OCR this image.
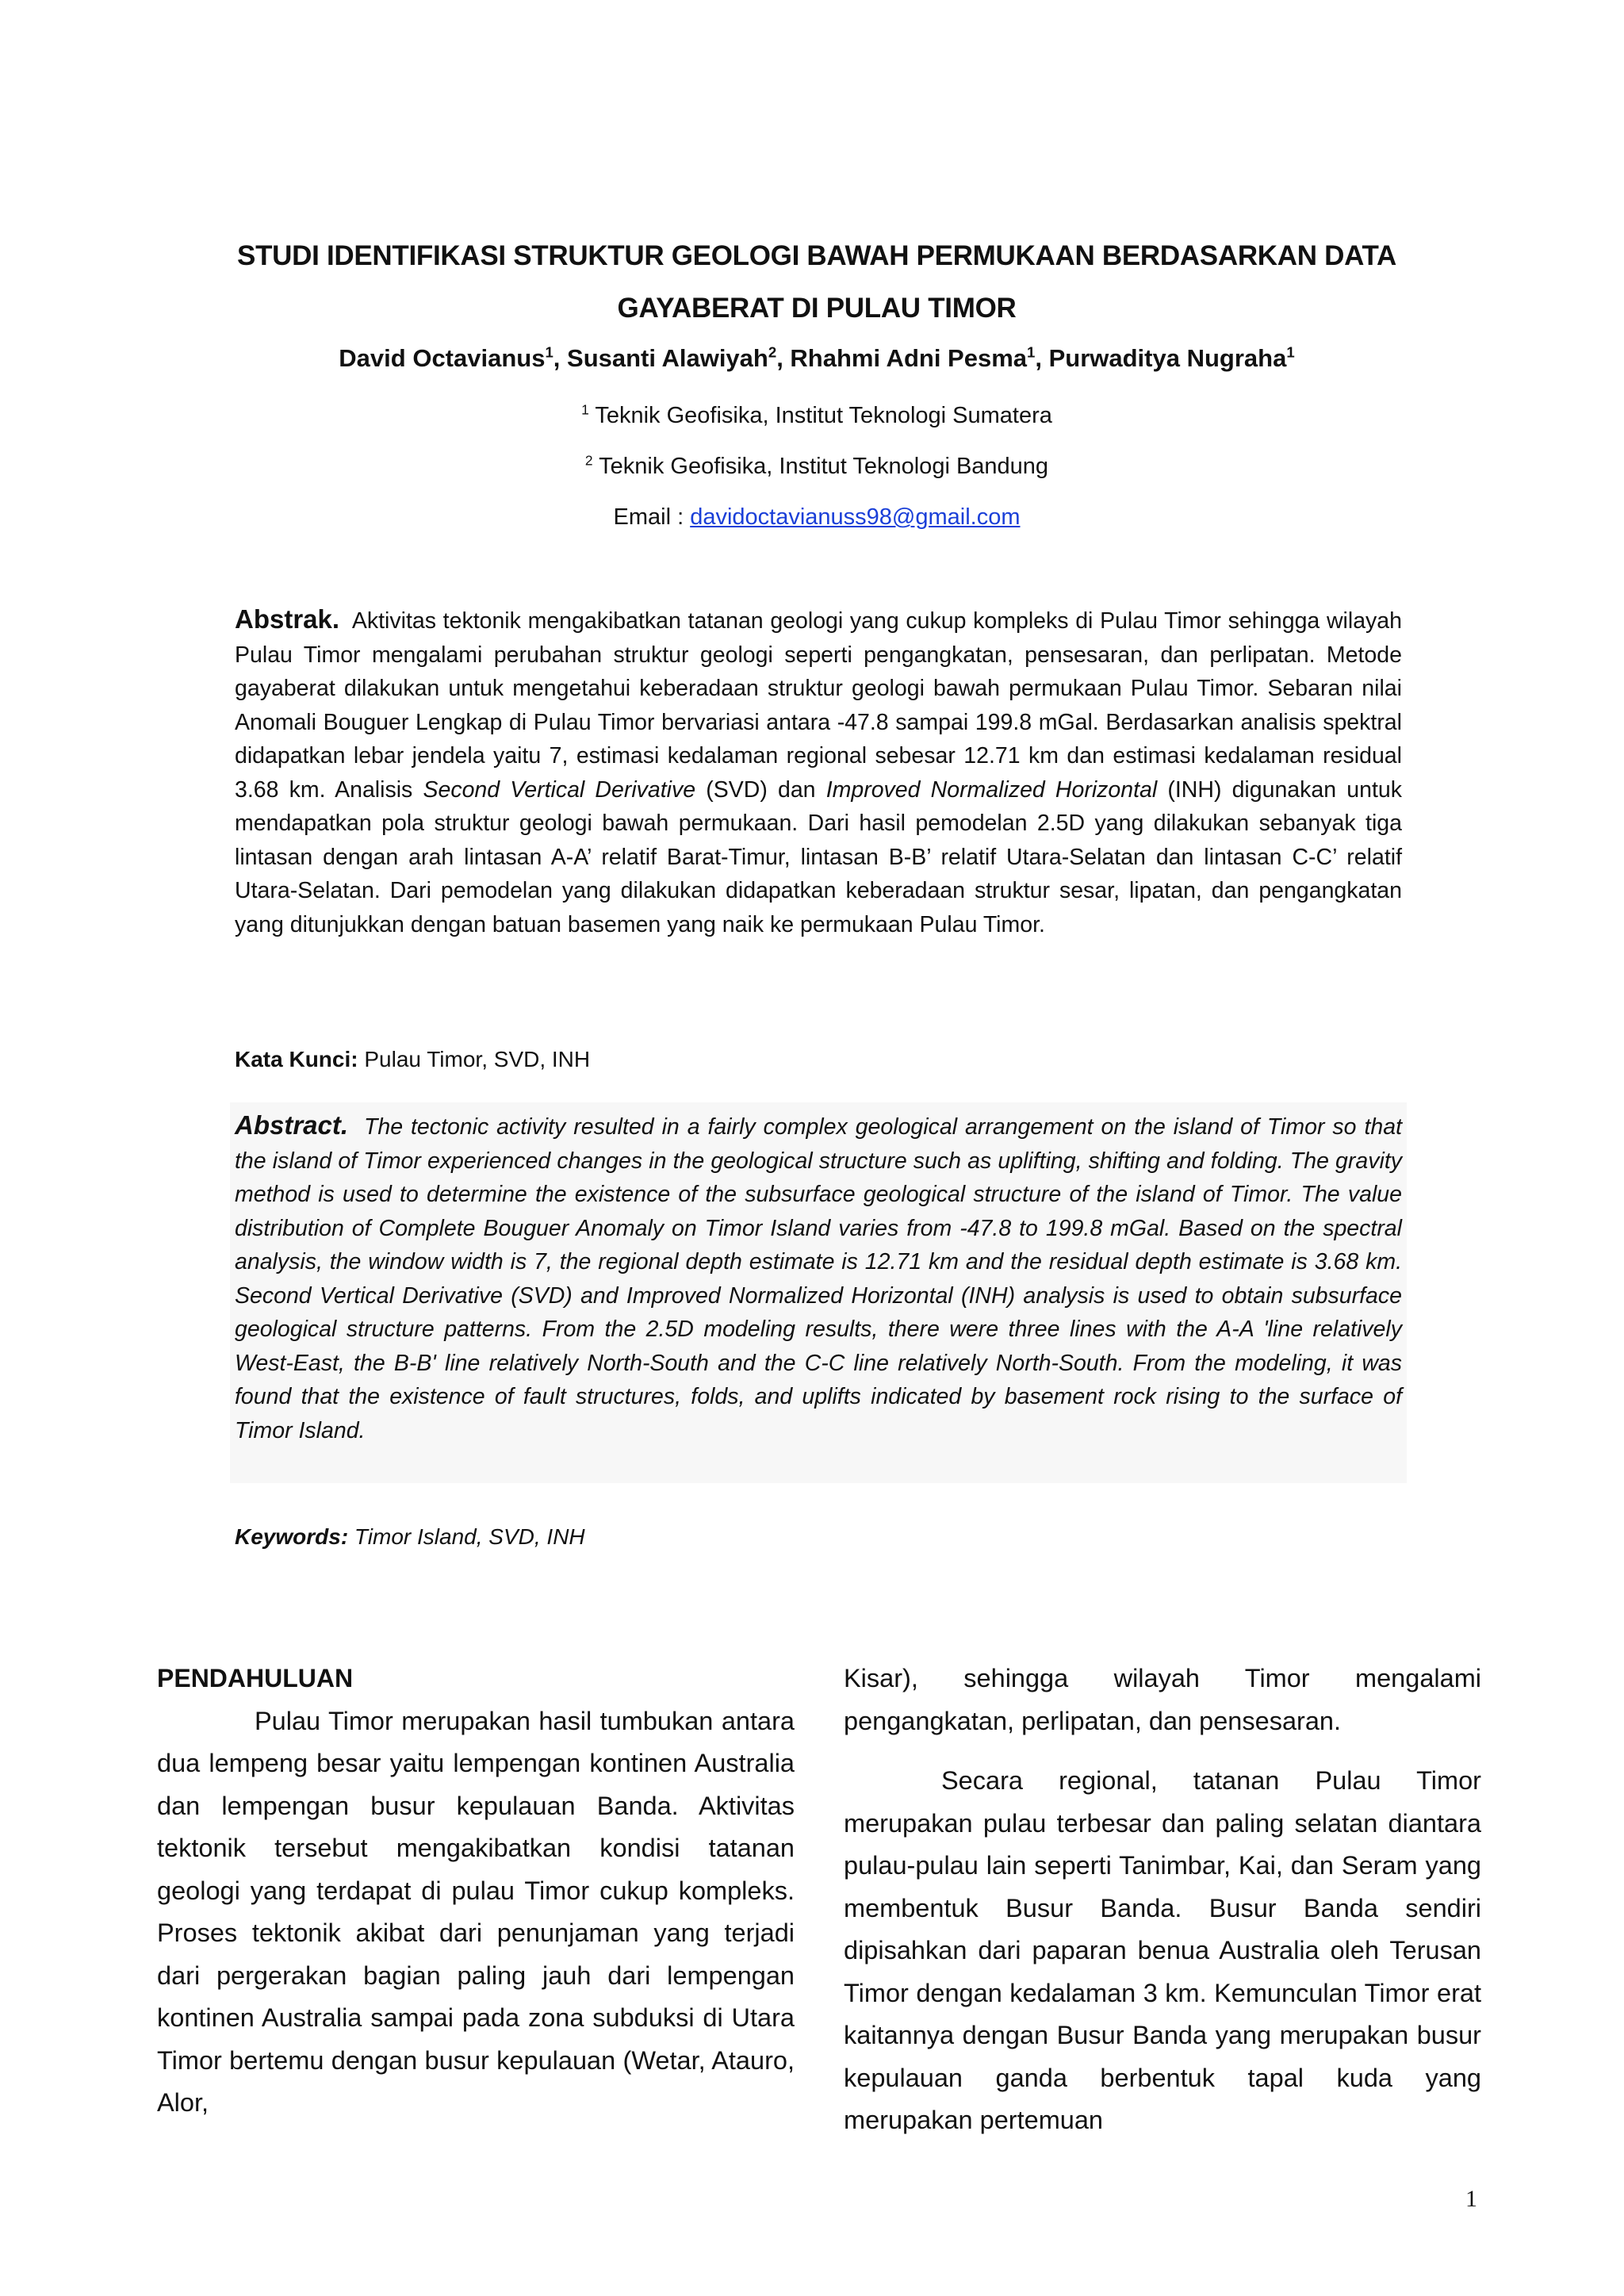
STUDI IDENTIFIKASI STRUKTUR GEOLOGI BAWAH PERMUKAAN BERDASARKAN DATA GAYABERAT DI PULAU TIMOR
David Octavianus$^1$, Susanti Alawiyah$^2$, Rhahmi Adni Pesma$^1$, Purwaditya Nugraha$^1$
$^1$ Teknik Geofisika, Institut Teknologi Sumatera
$^2$ Teknik Geofisika, Institut Teknologi Bandung
Email : davidoctavianuss98@gmail.com
Abstrak. Aktivitas tektonik mengakibatkan tatanan geologi yang cukup kompleks di Pulau Timor sehingga wilayah Pulau Timor mengalami perubahan struktur geologi seperti pengangkatan, pensesaran, dan perlipatan. Metode gayaberat dilakukan untuk mengetahui keberadaan struktur geologi bawah permukaan Pulau Timor. Sebaran nilai Anomali Bouguer Lengkap di Pulau Timor bervariasi antara -47.8 sampai 199.8 mGal. Berdasarkan analisis spektral didapatkan lebar jendela yaitu 7, estimasi kedalaman regional sebesar 12.71 km dan estimasi kedalaman residual 3.68 km. Analisis Second Vertical Derivative (SVD) dan Improved Normalized Horizontal (INH) digunakan untuk mendapatkan pola struktur geologi bawah permukaan. Dari hasil pemodelan 2.5D yang dilakukan sebanyak tiga lintasan dengan arah lintasan A-A’ relatif Barat-Timur, lintasan B-B’ relatif Utara-Selatan dan lintasan C-C’ relatif Utara-Selatan. Dari pemodelan yang dilakukan didapatkan keberadaan struktur sesar, lipatan, dan pengangkatan yang ditunjukkan dengan batuan basemen yang naik ke permukaan Pulau Timor.
Kata Kunci: Pulau Timor, SVD, INH
Abstract. The tectonic activity resulted in a fairly complex geological arrangement on the island of Timor so that the island of Timor experienced changes in the geological structure such as uplifting, shifting and folding. The gravity method is used to determine the existence of the subsurface geological structure of the island of Timor. The value distribution of Complete Bouguer Anomaly on Timor Island varies from -47.8 to 199.8 mGal. Based on the spectral analysis, the window width is 7, the regional depth estimate is 12.71 km and the residual depth estimate is 3.68 km. Second Vertical Derivative (SVD) and Improved Normalized Horizontal (INH) analysis is used to obtain subsurface geological structure patterns. From the 2.5D modeling results, there were three lines with the A-A 'line relatively West-East, the B-B' line relatively North-South and the C-C line relatively North-South. From the modeling, it was found that the existence of fault structures, folds, and uplifts indicated by basement rock rising to the surface of Timor Island.
Keywords: Timor Island, SVD, INH

PENDAHULUAN

Pulau Timor merupakan hasil tumbukan antara dua lempeng besar yaitu lempengan kontinen Australia dan lempengan busur kepulauan Banda. Aktivitas tektonik tersebut mengakibatkan kondisi tatanan geologi yang terdapat di pulau Timor cukup kompleks. Proses tektonik akibat dari penunjaman yang terjadi dari pergerakan bagian paling jauh dari lempengan kontinen Australia sampai pada zona subduksi di Utara Timor bertemu dengan busur kepulauan (Wetar, Atauro, Alor,

Kisar), sehingga wilayah Timor mengalami pengangkatan, perlipatan, dan pensesaran.

Secara regional, tatanan Pulau Timor merupakan pulau terbesar dan paling selatan diantara pulau-pulau lain seperti Tanimbar, Kai, dan Seram yang membentuk Busur Banda. Busur Banda sendiri dipisahkan dari paparan benua Australia oleh Terusan Timor dengan kedalaman 3 km. Kemunculan Timor erat kaitannya dengan Busur Banda yang merupakan busur kepulauan ganda berbentuk tapal kuda yang merupakan pertemuan

1
